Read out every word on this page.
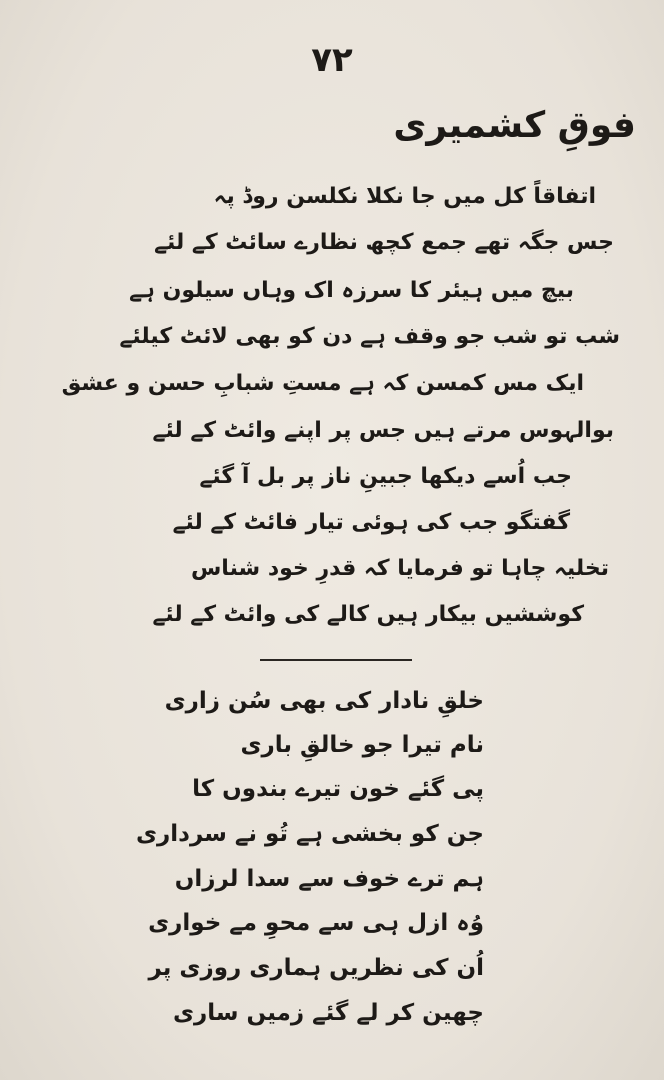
۷۲
فوقِ کشمیری
اتفاقاً کل میں جا نکلا نکلسن روڈ پہ
جس جگہ تھے جمع کچھ نظارے سائٹ کے لئے
بیچ میں ہیئر کا سرزہ اک وہاں سیلون ہے
شب تو شب جو وقف ہے دن کو بھی لائٹ کیلئے
ایک مس کمسن کہ ہے مستِ شبابِ حسن و عشق
بوالہوس مرتے ہیں جس پر اپنے وائٹ کے لئے
جب اُسے دیکھا جبینِ ناز پر بل آ گئے
گفتگو جب کی ہوئی تیار فائٹ کے لئے
تخلیہ چاہا تو فرمایا کہ قدرِ خود شناس
کوششیں بیکار ہیں کالے کی وائٹ کے لئے
خلقِ نادار کی بھی سُن زاری
نام تیرا جو خالقِ باری
پی گئے خون تیرے بندوں کا
جن کو بخشی ہے تُو نے سرداری
ہم ترے خوف سے سدا لرزاں
وُہ ازل ہی سے محوِ مے خواری
اُن کی نظریں ہماری روزی پر
چھین کر لے گئے زمیں ساری
